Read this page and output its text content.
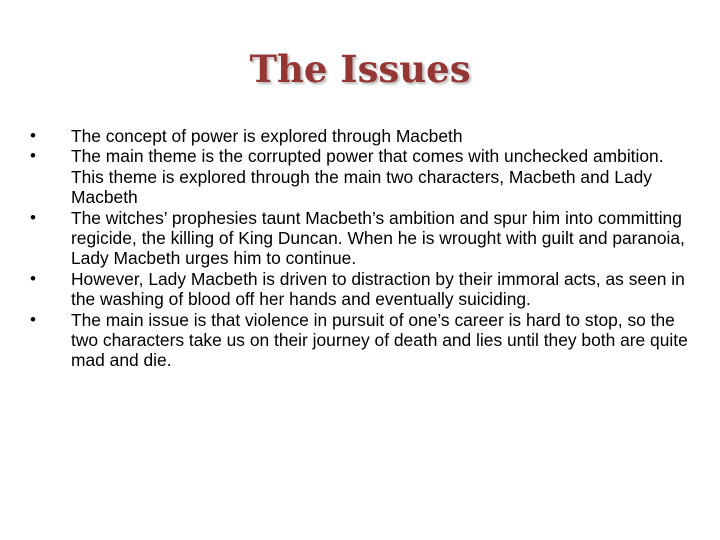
The Issues
•	The concept of power is explored through Macbeth
•	The main theme is the corrupted power that comes with unchecked ambition. This theme is explored through the main two characters, Macbeth and Lady Macbeth
•	The witches’ prophesies taunt Macbeth’s ambition and spur him into committing regicide, the killing of King Duncan. When he is wrought with guilt and paranoia, Lady Macbeth urges him to continue.
•	However, Lady Macbeth is driven to distraction by their immoral acts, as seen in the washing of blood off her hands and eventually suiciding.
•	The main issue is that violence in pursuit of one’s career is hard to stop, so the two characters take us on their journey of death and lies until they both are quite mad and die.
